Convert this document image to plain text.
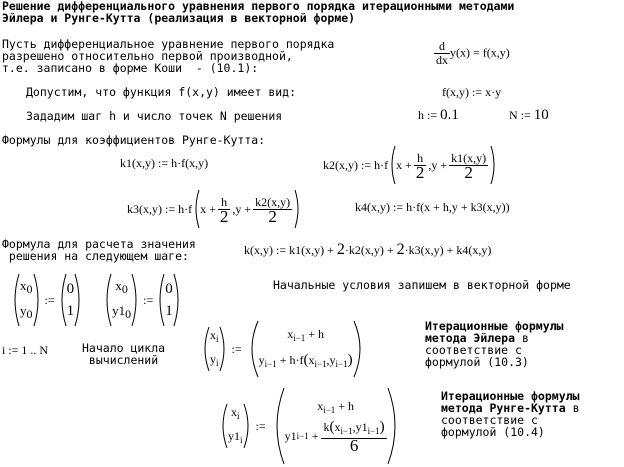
Решение дифференциального уравнения первого порядка итерационными методами
Эйлера и Рунге-Кутта (реализация в векторной форме)
Пусть дифференциальное уравнение первого порядка
разрешено относительно первой производной,
т.е. записано в форме Коши  - (10.1):
$\frac{d}{dx} y(x) = f(x,y)$
Допустим, что функция f(x,y) имеет вид:	f(x,y) := x·y
Зададим шаг h и число точек N решения	h := 0.1	N := 10
Формулы для коэффициентов Рунге-Кутта:
k1(x,y) := h·f(x,y)	k2(x,y) := h·f $x + \frac{h}{2} ,y + \frac{k1(x,y)}{2}$
k3(x,y) := h·f $x + \frac{h}{2} ,y + \frac{k2(x,y)}{2}$	k4(x,y) := h·f(x + h,y + k3(x,y))
Формула для расчета значения
решения на следующем шаге:	k(x,y) := k1(x,y) + 2·k2(x,y) + 2·k3(x,y) + k4(x,y)
x0
y0
:=
0
1
x0
y10
:=
0
1
Начальные условия запишем в векторной форме
i := 1 .. N	Начало цикла
вычислений
$x_i$
$y_i$
:=
$x_{i-1} + h$
$y_{i-1} + h\cdot f(x_{i-1},y_{i-1})$
Итерационные формулы
метода Эйлера в
соответствие с
формулой (10.3)
$x_i$
$y1_i$
:=
$x_{i-1} + h$
y1 $i-1 + \frac{k(x_{i-1},y1_{i-1})}{6}$
Итерационные формулы
метода Рунге-Кутта в
соответствие с
формулой (10.4)
